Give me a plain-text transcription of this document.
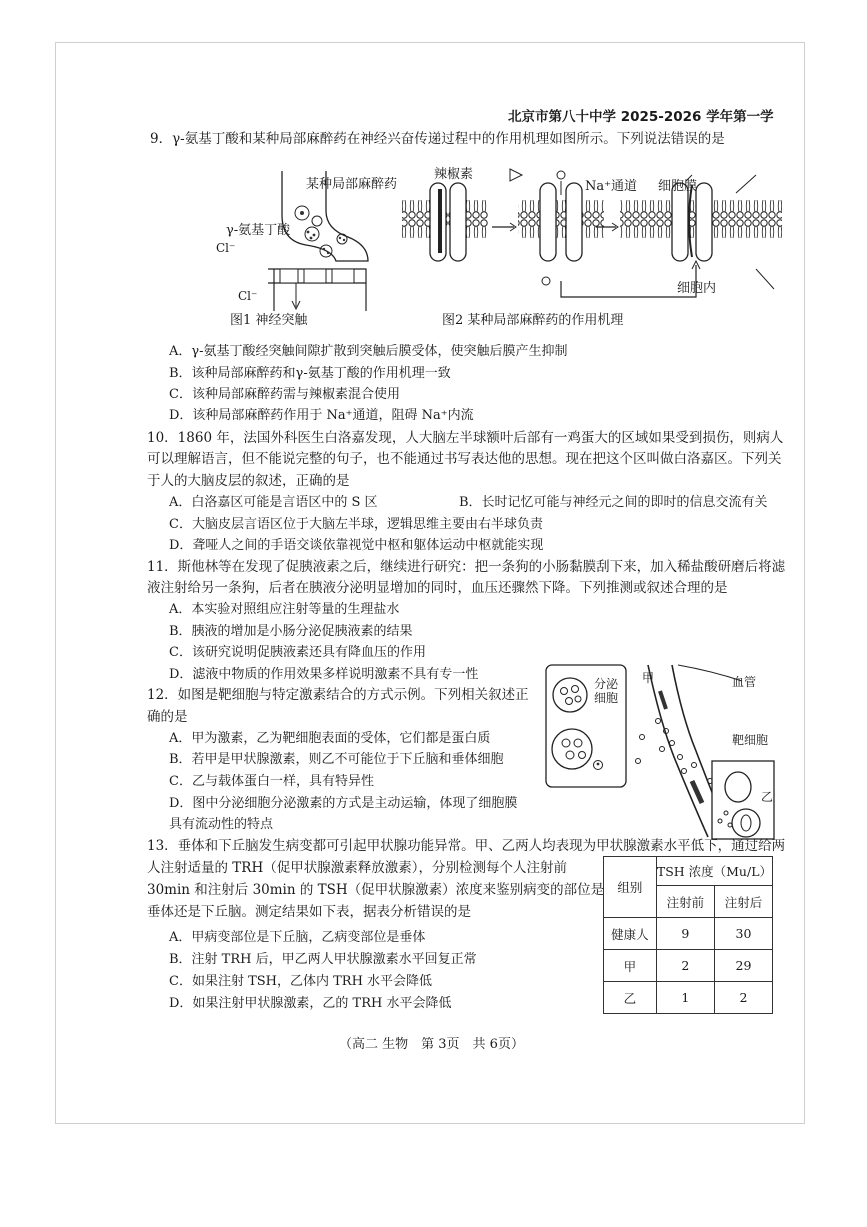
北京市第八十中学 2025-2026 学年第一学
9．γ-氨基丁酸和某种局部麻醉药在神经兴奋传递过程中的作用机理如图所示。下列说法错误的是
某种局部麻醉药
辣椒素
Na⁺通道 细胞膜
γ-氨基丁酸
Cl⁻
Cl⁻	细胞内
图1 神经突触	图2 某种局部麻醉药的作用机理
A．γ-氨基丁酸经突触间隙扩散到突触后膜受体，使突触后膜产生抑制
B．该种局部麻醉药和γ-氨基丁酸的作用机理一致
C．该种局部麻醉药需与辣椒素混合使用
D．该种局部麻醉药作用于 Na⁺通道，阻碍 Na⁺内流
10．1860 年，法国外科医生白洛嘉发现，人大脑左半球额叶后部有一鸡蛋大的区域如果受到损伤，则病人
可以理解语言，但不能说完整的句子，也不能通过书写表达他的思想。现在把这个区叫做白洛嘉区。下列关
于人的大脑皮层的叙述，正确的是
A．白洛嘉区可能是言语区中的 S 区	B．长时记忆可能与神经元之间的即时的信息交流有关
C．大脑皮层言语区位于大脑左半球，逻辑思维主要由右半球负责
D．聋哑人之间的手语交谈依靠视觉中枢和躯体运动中枢就能实现
11．斯他林等在发现了促胰液素之后，继续进行研究：把一条狗的小肠黏膜刮下来，加入稀盐酸研磨后将滤
液注射给另一条狗，后者在胰液分泌明显增加的同时，血压还骤然下降。下列推测或叙述合理的是
A．本实验对照组应注射等量的生理盐水
B．胰液的增加是小肠分泌促胰液素的结果
C．该研究说明促胰液素还具有降血压的作用
D．滤液中物质的作用效果多样说明激素不具有专一性
分泌
细胞
甲	血管
靶细胞
乙
12．如图是靶细胞与特定激素结合的方式示例。下列相关叙述正
确的是
A．甲为激素，乙为靶细胞表面的受体，它们都是蛋白质
B．若甲是甲状腺激素，则乙不可能位于下丘脑和垂体细胞
C．乙与载体蛋白一样，具有特异性
D．图中分泌细胞分泌激素的方式是主动运输，体现了细胞膜
具有流动性的特点
13．垂体和下丘脑发生病变都可引起甲状腺功能异常。甲、乙两人均表现为甲状腺激素水平低下，通过给两
人注射适量的 TRH（促甲状腺激素释放激素），分别检测每个人注射前
30min 和注射后 30min 的 TSH（促甲状腺激素）浓度来鉴别病变的部位是
垂体还是下丘脑。测定结果如下表，据表分析错误的是
A．甲病变部位是下丘脑，乙病变部位是垂体
B．注射 TRH 后，甲乙两人甲状腺激素水平回复正常
C．如果注射 TSH，乙体内 TRH 水平会降低
D．如果注射甲状腺激素，乙的 TRH 水平会降低
组别	TSH 浓度（Mu/L）	
	注射前	注射后
健康人	9	30
甲	2	29
乙	1	2
（高二 生物　第 3页　共 6页）
